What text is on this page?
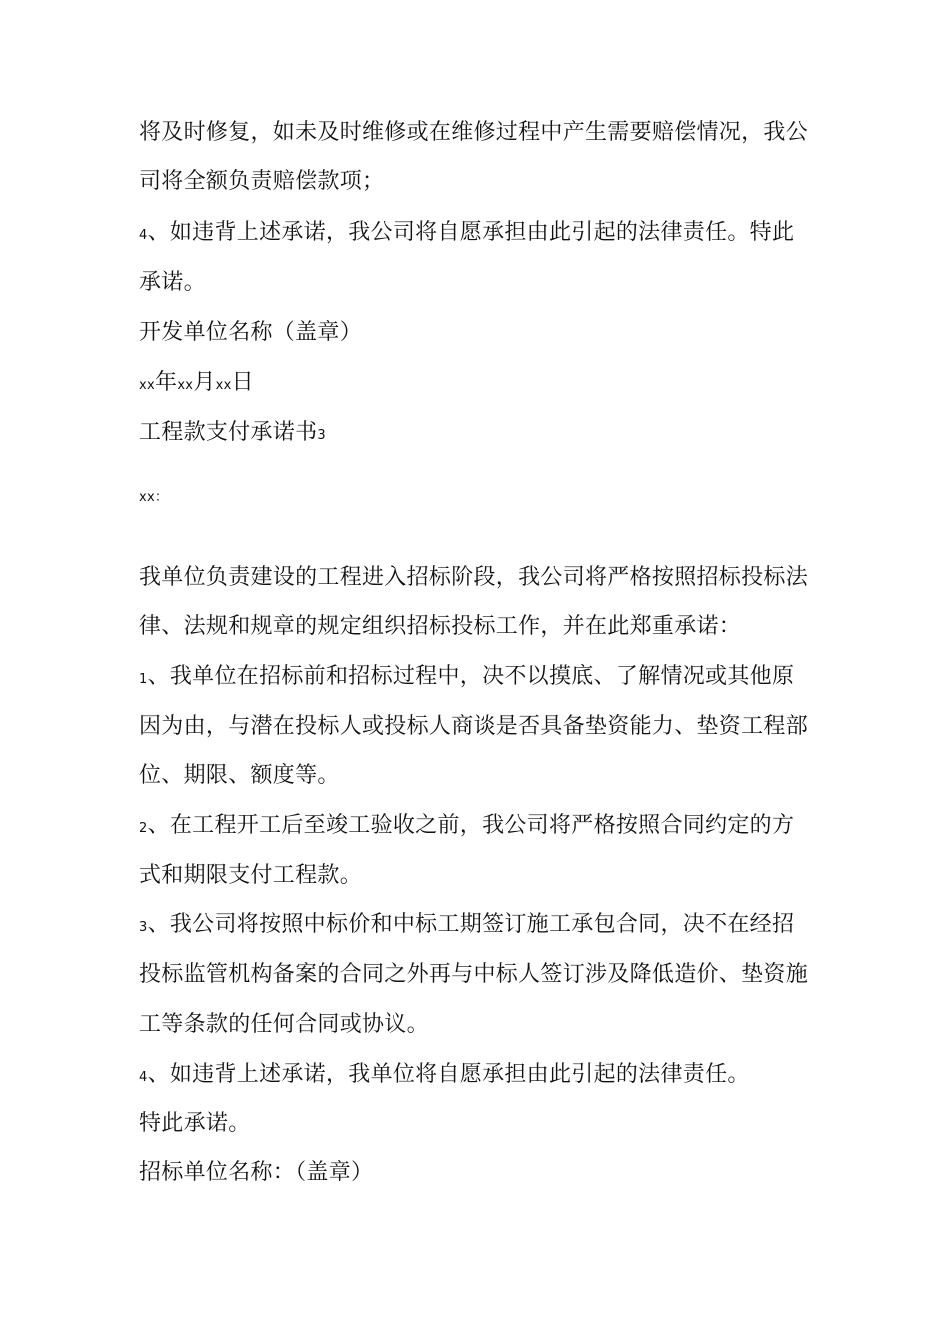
将及时修复，如未及时维修或在维修过程中产生需要赔偿情况，我公
司将全额负责赔偿款项；
4、如违背上述承诺，我公司将自愿承担由此引起的法律责任。特此
承诺。
开发单位名称（盖章）
xx年xx月xx日
工程款支付承诺书3
xx：
我单位负责建设的工程进入招标阶段，我公司将严格按照招标投标法
律、法规和规章的规定组织招标投标工作，并在此郑重承诺：
1、我单位在招标前和招标过程中，决不以摸底、了解情况或其他原
因为由，与潜在投标人或投标人商谈是否具备垫资能力、垫资工程部
位、期限、额度等。
2、在工程开工后至竣工验收之前，我公司将严格按照合同约定的方
式和期限支付工程款。
3、我公司将按照中标价和中标工期签订施工承包合同，决不在经招
投标监管机构备案的合同之外再与中标人签订涉及降低造价、垫资施
工等条款的任何合同或协议。
4、如违背上述承诺，我单位将自愿承担由此引起的法律责任。
特此承诺。
招标单位名称：（盖章）
